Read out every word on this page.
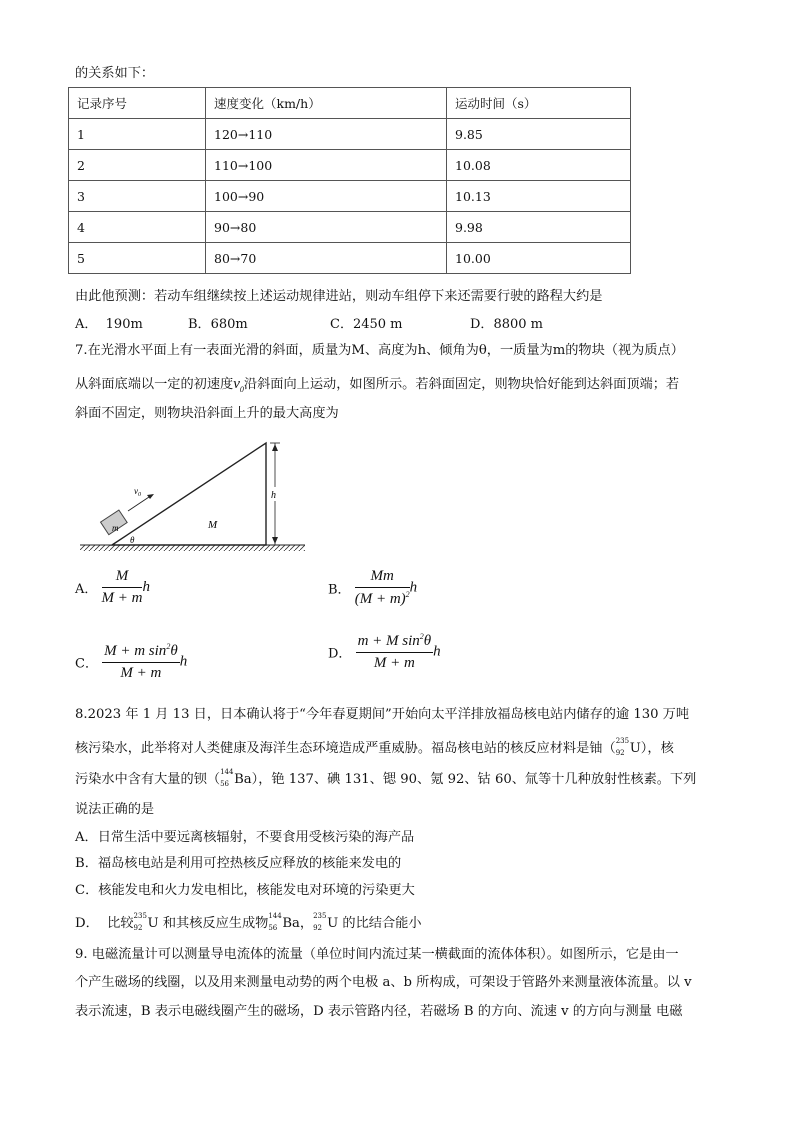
的关系如下：
记录序号	速度变化（km/h）	运动时间（s）
1	120→110	9.85
2	110→100	10.08
3	100→90	10.13
4	90→80	9.98
5	80→70	10.00
由此他预测：若动车组继续按上述运动规律进站，则动车组停下来还需要行驶的路程大约是
A． 190m	B．680m	C．2450 m	D．8800 m
7.在光滑水平面上有一表面光滑的斜面，质量为M、高度为h、倾角为θ，一质量为m的物块（视为质点）
从斜面底端以一定的初速度$v_0$沿斜面向上运动，如图所示。若斜面固定，则物块恰好能到达斜面顶端；若
斜面不固定，则物块沿斜面上升的最大高度为
m
$v_0$
θ
M
h
A． $\frac{M}{M + m}$ h	B． $\frac{Mm}{(M + m)^2}$ h
C． $\frac{M + m \sin^2\theta}{M + m}$ h	D． $\frac{m + M \sin^2\theta}{M + m}$ h
8.2023 年 1 月 13 日，日本确认将于“今年春夏期间”开始向太平洋排放福岛核电站内储存的逾 130 万吨
核污染水，此举将对人类健康及海洋生态环境造成严重威胁。福岛核电站的核反应材料是铀（
235
92 U），核
污染水中含有大量的钡（
144
56 Ba），铯 137、碘 131、锶 90、氪 92、钴 60、氚等十几种放射性核素。下列
说法正确的是
A．日常生活中要远离核辐射，不要食用受核污染的海产品
B．福岛核电站是利用可控热核反应释放的核能来发电的
C．核能发电和火力发电相比，核能发电对环境的污染更大
D． 比较
235
92 U 和其核反应生成物
144
56 Ba，
235
92 U 的比结合能小
9. 电磁流量计可以测量导电流体的流量（单位时间内流过某一横截面的流体体积）。如图所示，它是由一
个产生磁场的线圈，以及用来测量电动势的两个电极 a、b 所构成，可架设于管路外来测量液体流量。以 v
表示流速，B 表示电磁线圈产生的磁场，D 表示管路内径，若磁场 B 的方向、流速 v 的方向与测量 电磁
